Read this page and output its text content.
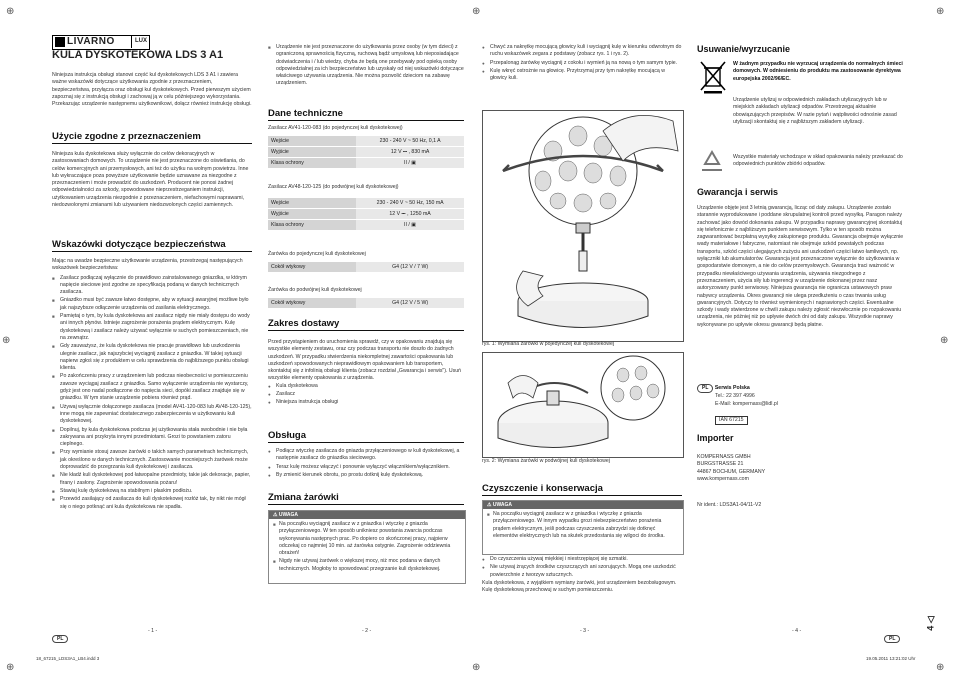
⊕	⊕	⊕
⊕	⊕
⊕	⊕	⊕
LIVARNO	LUX
KULA DYSKOTEKOWA LDS 3 A1
Niniejsza instrukcja obsługi stanowi część kul dyskotekowych LDS 3 A1 i zawiera ważne wskazówki dotyczące użytkowania zgodnie z przeznaczeniem, bezpieczeństwa, przyłącza oraz obsługi kul dyskotekowych. Przed pierwszym użyciem zapoznaj się z instrukcją obsługi i zachowaj ją w celu późniejszego wykorzystania. Przekazując urządzenie następnemu użytkownikowi, dołącz również instrukcję obsługi.
Użycie zgodne z przeznaczeniem
Niniejsza kula dyskotekowa służy wyłącznie do celów dekoracyjnych w zastosowaniach domowych. To urządzenie nie jest przeznaczone do oświetlania, do celów komercyjnych ani przemysłowych, ani też do użytku na wolnym powietrzu. Inne lub wykraczające poza powyższe użytkowanie będzie uznawane za niezgodne z przeznaczeniem i może prowadzić do uszkodzeń. Producent nie ponosi żadnej odpowiedzialności za szkody, spowodowane nieprzestrzeganiem instrukcji, użytkowaniem urządzenia niezgodnie z przeznaczeniem, niefachowymi naprawami, niedozwolonymi zmianami lub używaniem niedozwolonych części zamiennych.
Wskazówki dotyczące bezpieczeństwa
Mając na uwadze bezpieczne użytkowanie urządzenia, przestrzegaj następujących wskazówek bezpieczeństwa:
■ Zasilacz podłączaj wyłącznie do prawidłowo zainstalowanego gniazdka, w którym napięcie sieciowe jest zgodne ze specyfikacją podaną w danych technicznych zasilacza.
■ Gniazdko musi być zawsze łatwo dostępne, aby w sytuacji awaryjnej możliwe było jak najszybsze odłączenie urządzenia od zasilania elektrycznego.
■ Pamiętaj o tym, by kula dyskotekowa ani zasilacz nigdy nie miały dostępu do wody ani innych płynów. Istnieje zagrożenie porażenia prądem elektrycznym. Kulę dyskotekową i zasilacz należy używać wyłącznie w suchych pomieszczeniach, nie na zewnątrz.
■ Gdy zauważysz, że kula dyskotekowa nie pracuje prawidłowo lub uszkodzenia ulegnie zasilacz, jak najszybciej wyciągnij zasilacz z gniazdka. W takiej sytuacji napierw zgłoś się z produktem w celu sprawdzenia do najbliższego punktu obsługi klienta.
■ Po zakończeniu pracy z urządzeniem lub podczas nieobecności w pomieszczeniu zawsze wyciągaj zasilacz z gniazdka. Samo wyłączenie urządzenia nie wystarczy, gdyż jest ono nadal podłączone do napięcia sieci, dopóki zasilacz znajduje się w gniazdku. W tym stanie urządzenie pobiera również prąd.
■ Używaj wyłącznie dołączonego zasilacza (model AV41-120-083 lub AV48-120-125), inne mogą nie zapewniać dostatecznego zabezpieczenia w użytkowaniu kuli dyskotekowej.
■ Dopilnuj, by kula dyskotekowa podczas jej użytkowania stała swobodnie i nie była zakrywana ani przykryta innymi przedmiotami. Grozi to powstaniem zatoru cieplnego.
■ Przy wymianie stosuj zawsze żarówki o takich samych parametrach technicznych, jak określono w danych technicznych. Zastosowanie mocniejszych żarówek może doprowadzić do przegrzania kuli dyskotekowej i zasilacza.
■ Nie kładź kuli dyskotekowej pod łatwopalne przedmioty, takie jak dekoracje, papier, firany i zasłony. Zagrożenie spowodowania pożaru!
■ Stawiaj kulę dyskotekową na stabilnym i płaskim podłożu.
■ Przewód zasilający od zasilacza do kuli dyskotekowej rozłóż tak, by nikt nie mógł się o niego potknąć ani kula dyskotekowa nie spadła.
■ Urządzenie nie jest przeznaczone do użytkowania przez osoby (w tym dzieci) z ograniczoną sprawnością fizyczną, ruchową bądź umysłową lub nieposiadające doświadczenia i / lub wiedzy, chyba że będą one przebywały pod opieką osoby odpowiedzialnej za ich bezpieczeństwo lub uzyskały od niej wskazówki dotyczące właściwego używania urządzenia. Nie można pozwolić dzieciom na zabawę urządzeniem.
Dane techniczne
Zasilacz AV41-120-083 (do pojedynczej kuli dyskotekowej)
Wejście	230 - 240 V ~ 50 Hz, 0,1 A
Wyjście	12 V ⎓ , 830 mA
Klasa ochrony	II / ▣
Zasilacz AV48-120-125 (do podwójnej kuli dyskotekowej)
Wejście	230 - 240 V ~ 50 Hz, 150 mA
Wyjście	12 V ⎓ , 1250 mA
Klasa ochrony	II / ▣
Żarówka do pojedynczej kuli dyskotekowej
Cokół wtykowy	G4 (12 V / 7 W)
Żarówka do podwójnej kuli dyskotekowej
Cokół wtykowy	G4 (12 V / 5 W)
Zakres dostawy
Przed przystąpieniem do uruchomienia sprawdź, czy w opakowaniu znajdują się wszystkie elementy zestawu, oraz czy podczas transportu nie doszło do żadnych uszkodzeń. W przypadku stwierdzenia niekompletnej zawartości opakowania lub uszkodzeń spowodowanych nieprawidłowym opakowaniem lub transportem, skontaktuj się z infolinią obsługi klienta (zobacz rozdział „Gwarancja i serwis"). Usuń wszystkie elementy opakowania z urządzenia.
● Kula dyskotekowa
● Zasilacz
● Niniejsza instrukcja obsługi
Obsługa
● Podłącz wtyczkę zasilacza do gniazda przyłączeniowego w kuli dyskotekowej, a następnie zasilacz do gniazdka sieciowego.
● Teraz kulę możesz włączyć i ponownie wyłączyć włącznikiem/wyłącznikiem.
● By zmienić kierunek obrotu, po prostu dotknij kulę dyskotekową.
Zmiana żarówki
⚠ UWAGA
■ Na początku wyciągnij zasilacz w z gniazdka i wtyczkę z gniazda przyłączeniowego. W ten sposób unikniesz powstania zwarcia podczas wykonywania następnych prac. Po dopiero co skończonej pracy, najpierw odczekaj co najmniej 10 min. aż żarówka ostygnie. Zagrożenie oddziewnia obrażeń!
■ Nigdy nie używaj żarówek o większej mocy, niż moc podana w danych technicznych. Mogłoby to spowodować przegrzanie kuli dyskotekowej.
● Chwyć za nakrętkę mocującą głowicy kuli i wyciągnij kulę w kierunku odwrotnym do ruchu wskazówek zegara z podstawy (zobacz rys. 1 i rys. 2).
● Przepalonąg żarówkę wyciągnij z cokołu i wymień ją na nową o tym samym typie.
● Kulę wkręć ostrożnie na głowicę. Przytrzymaj przy tym nakrętkę mocującą w głowicy kuli.
rys. 1: Wymiana żarówki w pojedynczej kuli dyskotekowej
rys. 2: Wymiana żarówki w podwójnej kuli dyskotekowej
Czyszczenie i konserwacja
⚠ UWAGA
■ Na początku wyciągnij zasilacz w z gniazdka i wtyczkę z gniazda przyłączeniowego. W innym wypadku grozi niebezpieczeństwo porażenia prądem elektrycznym, jeśli podczas czyszczenia zabrzydzi się dotknęć elementów elektrycznych lub na skutek przedostania się wilgoci do środka.
● Do czyszczenia używaj miękkiej i niestrzępiącej się szmatki.
● Nie używaj żrących środków czyszczących ani szorujących. Mogą one uszkodzić powierzchnie z tworzyw sztucznych.
Kula dyskotekowa, z wyjątkiem wymiany żarówki, jest urządzeniem bezobsługowym.
Kulę dyskotekową przechowuj w suchym pomieszczeniu.
Usuwanie/wyrzucanie
W żadnym przypadku nie wyrzucaj urządzenia do normalnych śmieci domowych. W odniesieniu do produktu ma zastosowanie dyrektywa europejska 2002/96/EC.
Urządzenie utylizuj w odpowiednich zakładach utylizacyjnych lub w miejskich zakładach utylizacji odpadów. Przestrzegaj aktualnie obowiązujących przepisów. W razie pytań i wątpliwości odnośnie zasad utylizacji skontaktuj się z najbliższym zakładem utylizacji.
Wszystkie materiały wchodzące w skład opakowania należy przekazać do odpowiednich punktów zbiórki odpadów.
Gwarancja i serwis
Urządzenie objęte jest 3 letnią gwarancją, licząc od daty zakupu. Urządzenie zostało starannie wyprodukowane i poddane skrupulatnej kontroli przed wysyłką. Paragon należy zachować jako dowód dokonania zakupu. W przypadku naprawy gwarancyjnej skontaktuj się telefonicznie z najbliższym punktem serwisowym. Tylko w ten sposób można zagwarantować bezpłatną wysyłkę zakupionego produktu. Gwarancja obejmuje wyłącznie wady materiałowe i fabryczne, natomiast nie obejmuje szkód powstałych podczas transportu, szkód części ulegających zużyciu ani uszkodzeń części łatwo łamliwych, np. wyłączniki lub akumulatorów. Gwarancja jest przeznaczone wyłącznie do użytkowania w gospodarstwie domowym, a nie do celów przemysłowych. Gwarancja traci ważność w przypadku niewłaściwego używania urządzenia, używania niezgodnego z przeznaczeniem, użycia siły lub ingerencji w urządzenie dokonanej przez nasz autoryzowany punkt serwisowy. Niniejsza gwarancja nie ogranicza ustawowych praw nabywcy urządzenia. Okres gwarancji nie ulega przedłużeniu o czas trwania usług gwarancyjnych. Dotyczy to również wymienionych i naprawionych części. Ewentualne szkody i wady stwierdzone w chwili zakupu należy zgłosić niezwłocznie po rozpakowaniu urządzenia, nie później niż po upływie dwóch dni od daty zakupu. Wszystkie naprawy wykonywane po upływie okresu gwarancji będą płatne.
PL Serwis Polska
Tel.: 22 397 4996
E-Mail: kompernass@lidl.pl
IAN 67215
Importer
KOMPERNASS GMBH
BURGSTRASSE 21
44867 BOCHUM, GERMANY
www.kompernass.com
Nr ident.: LDS3A1-04/11-V2
4 ◁
PL
- 1 -	- 2 -	- 3 -	- 4 -
PL
18_67215_LDS3A1_LB4.indd 3	19.05.2011 13:21:02 Uhr
